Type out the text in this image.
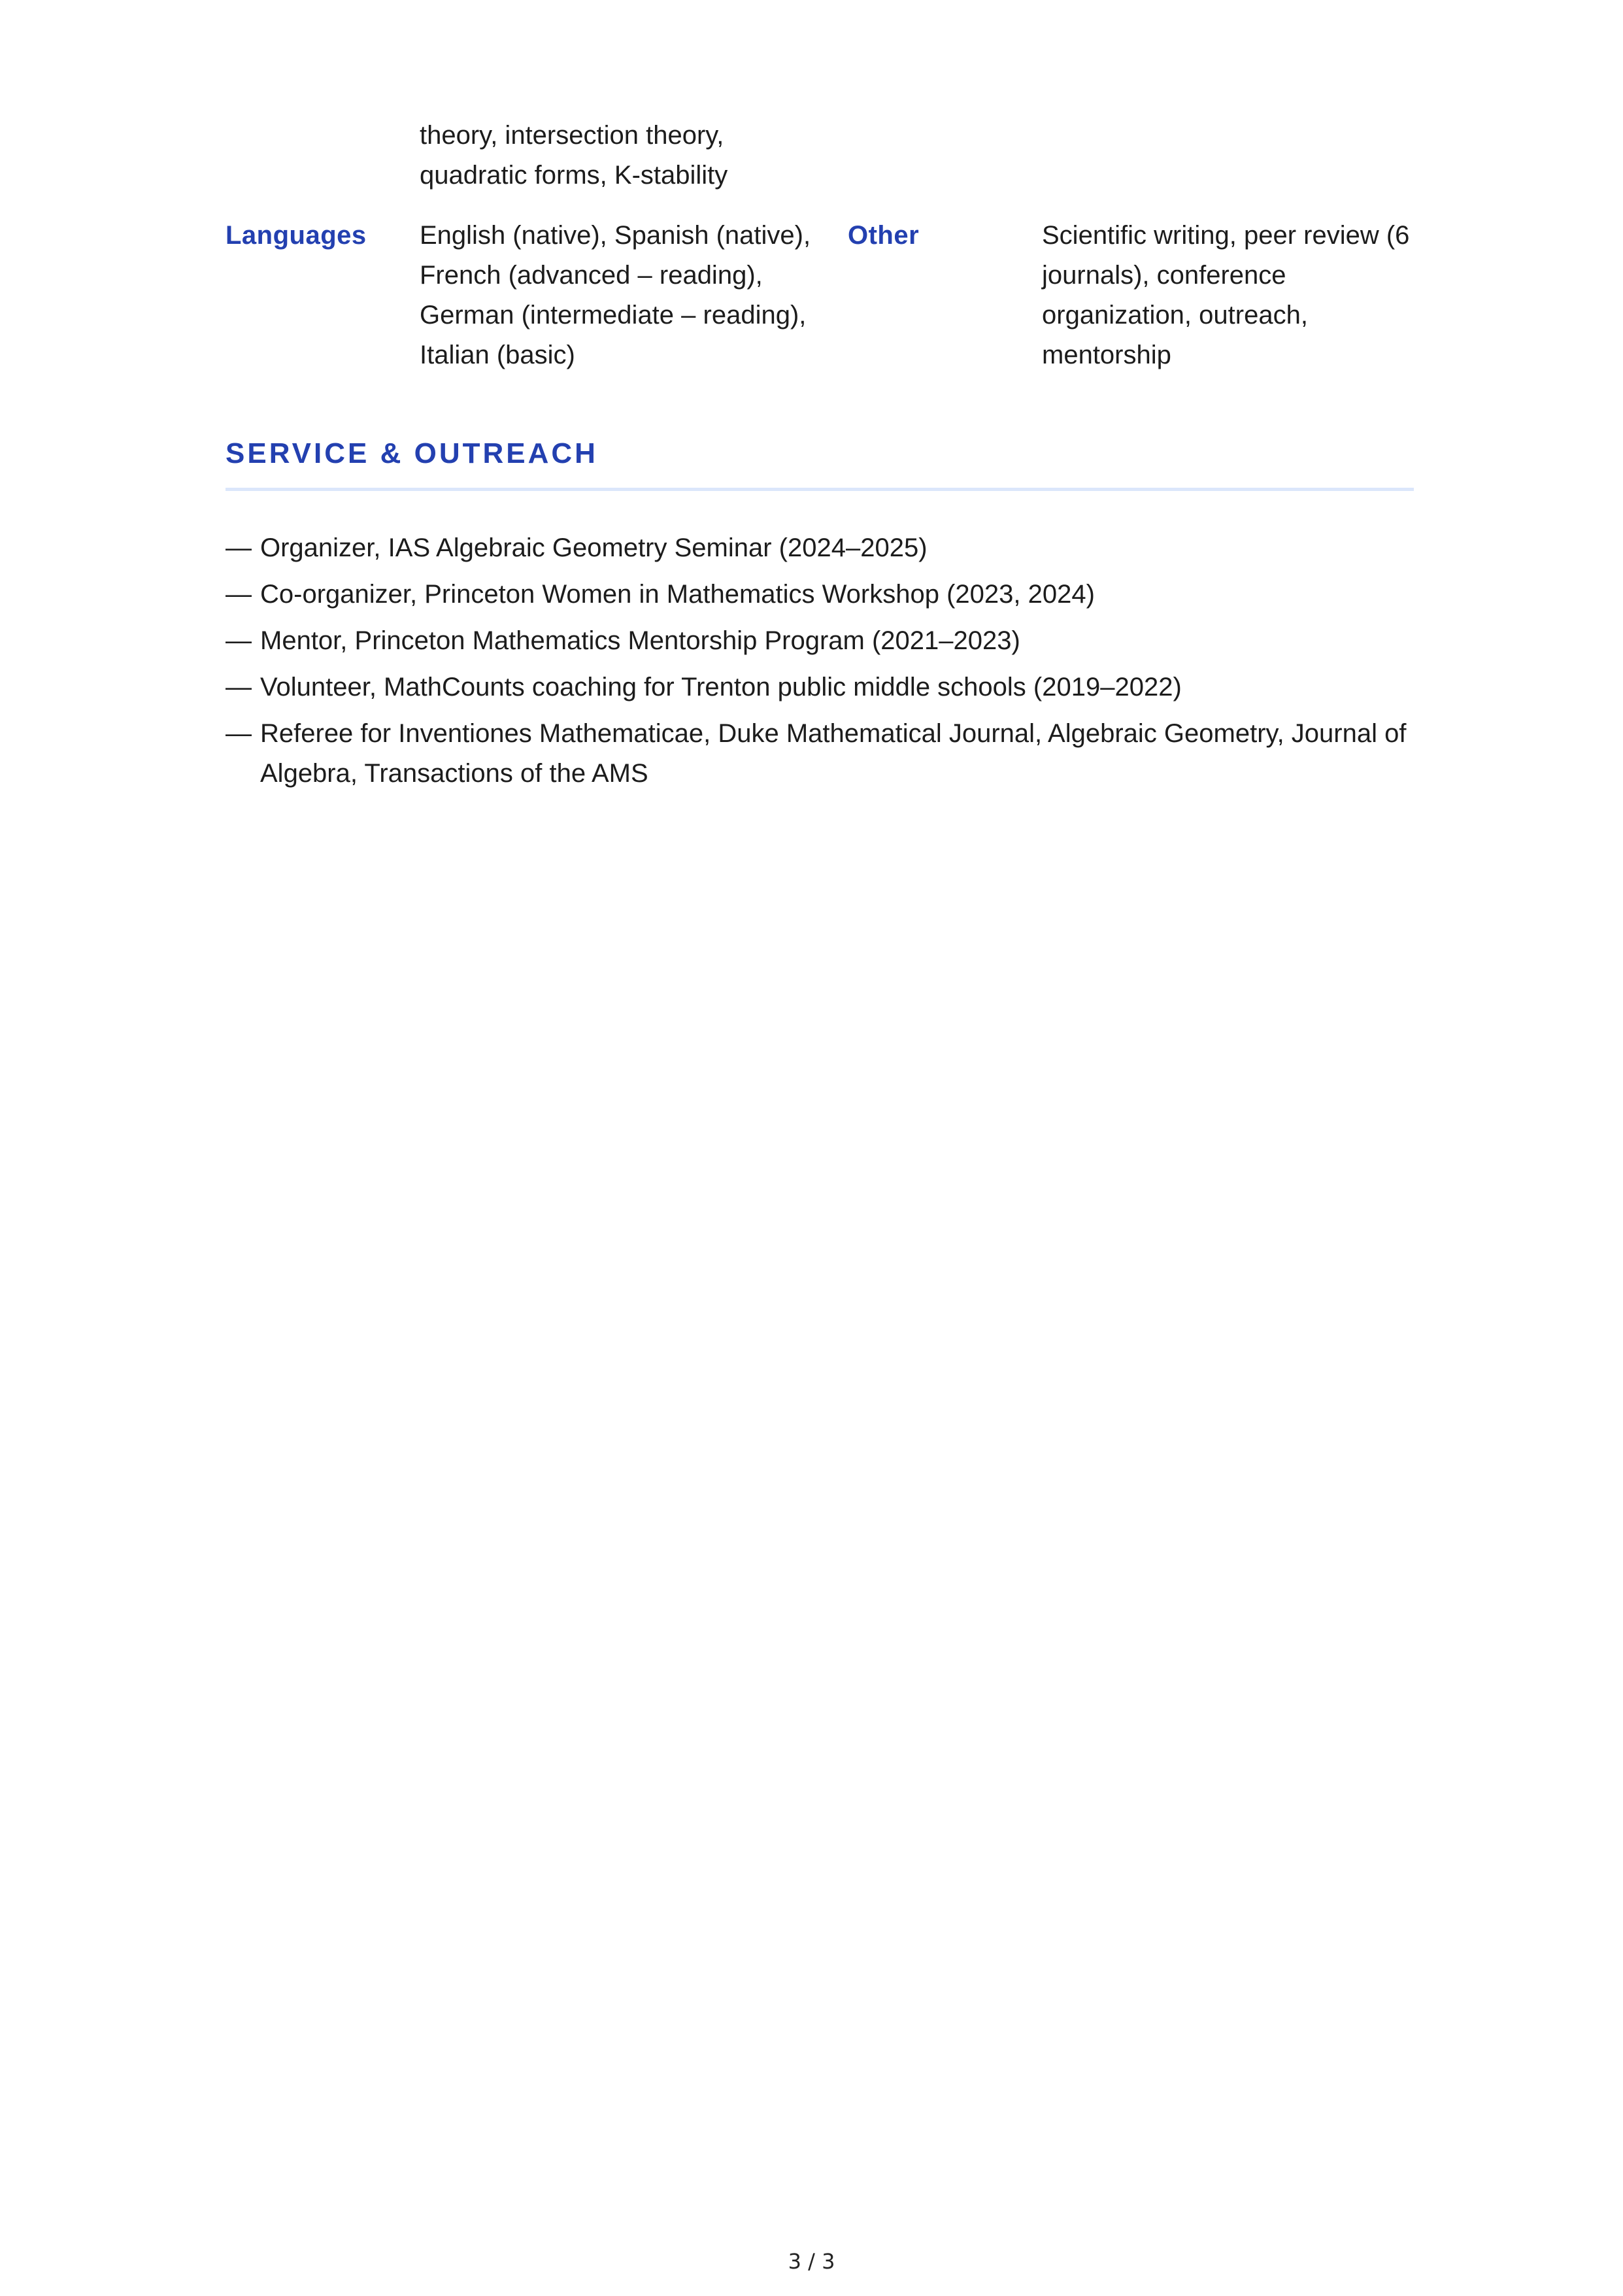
theory, intersection theory, quadratic forms, K-stability
Languages English (native), Spanish (native), French (advanced – reading), German (intermediate – reading), Italian (basic)
Other	Scientific writing, peer review (6 journals), conference organization, outreach, mentorship
SERVICE & OUTREACH
— Organizer, IAS Algebraic Geometry Seminar (2024–2025)
— Co-organizer, Princeton Women in Mathematics Workshop (2023, 2024)
— Mentor, Princeton Mathematics Mentorship Program (2021–2023)
— Volunteer, MathCounts coaching for Trenton public middle schools (2019–2022)
— Referee for Inventiones Mathematicae, Duke Mathematical Journal, Algebraic Geometry, Journal of Algebra, Transactions of the AMS
3 / 3
